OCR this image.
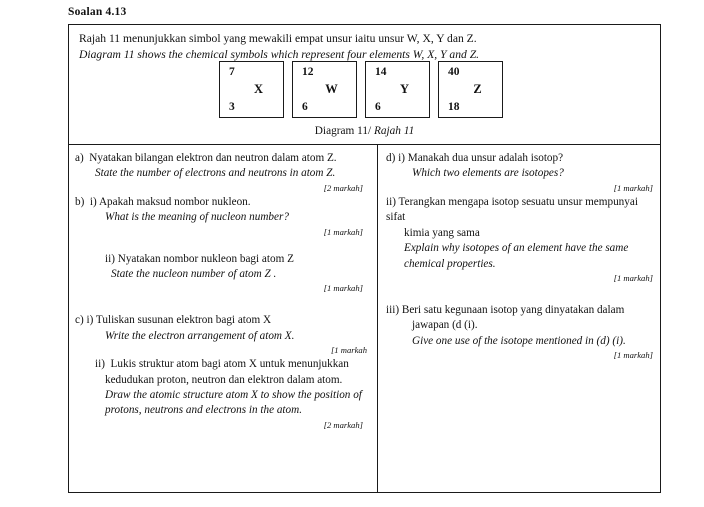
Soalan 4.13
Rajah 11 menunjukkan simbol yang mewakili empat unsur iaitu unsur W, X, Y dan Z.
Diagram 11 shows the chemical symbols which represent four elements W, X, Y and Z.
7
X
3
12
W
6
14
Y
6
40
Z
18
Diagram 11/ Rajah 11
a)  Nyatakan bilangan elektron dan neutron dalam atom Z.
State the number of electrons and neutrons in atom Z.
[2 markah]
b)  i) Apakah maksud nombor nukleon.
What is the meaning of nucleon number?
[1 markah]
ii) Nyatakan nombor nukleon bagi atom Z
State the nucleon number of atom Z .
[1 markah]
c) i) Tuliskan susunan elektron bagi atom X
Write the electron arrangement of atom X.
[1 markah
ii)  Lukis struktur atom bagi atom X untuk menunjukkan
kedudukan proton, neutron dan elektron dalam atom.
Draw the atomic structure atom X to show the position of
protons, neutrons and electrons in the atom.
[2 markah]
d) i) Manakah dua unsur adalah isotop?
Which two elements are isotopes?
[1 markah]
ii) Terangkan mengapa isotop sesuatu unsur mempunyai sifat
kimia yang sama
Explain why isotopes of an element have the same
chemical properties.
[1 markah]
iii) Beri satu kegunaan isotop yang dinyatakan dalam
jawapan (d (i).
Give one use of the isotope mentioned in (d) (i).
[1 markah]
